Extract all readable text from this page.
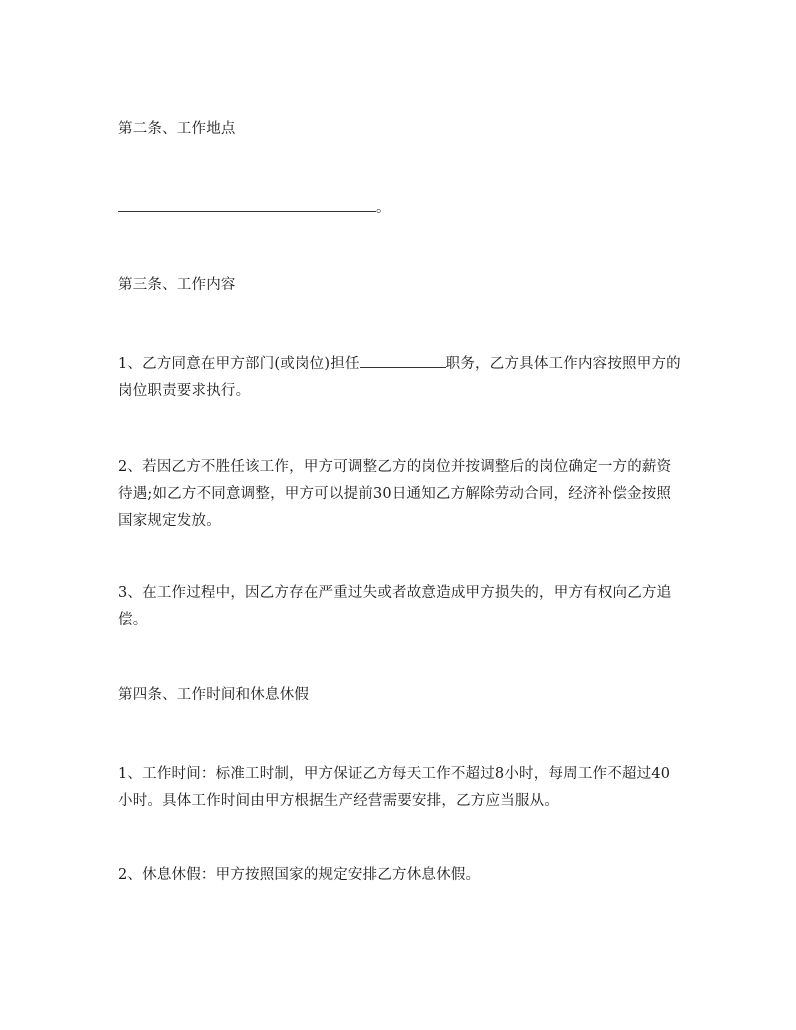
第二条、工作地点

。

第三条、工作内容

1、乙方同意在甲方部门(或岗位)担任	职务，乙方具体工作内容按照甲方的岗位职责要求执行。

2、若因乙方不胜任该工作，甲方可调整乙方的岗位并按调整后的岗位确定一方的薪资待遇;如乙方不同意调整，甲方可以提前30日通知乙方解除劳动合同，经济补偿金按照国家规定发放。

3、在工作过程中，因乙方存在严重过失或者故意造成甲方损失的，甲方有权向乙方追偿。

第四条、工作时间和休息休假

1、工作时间：标准工时制，甲方保证乙方每天工作不超过8小时，每周工作不超过40小时。具体工作时间由甲方根据生产经营需要安排，乙方应当服从。

2、休息休假：甲方按照国家的规定安排乙方休息休假。
